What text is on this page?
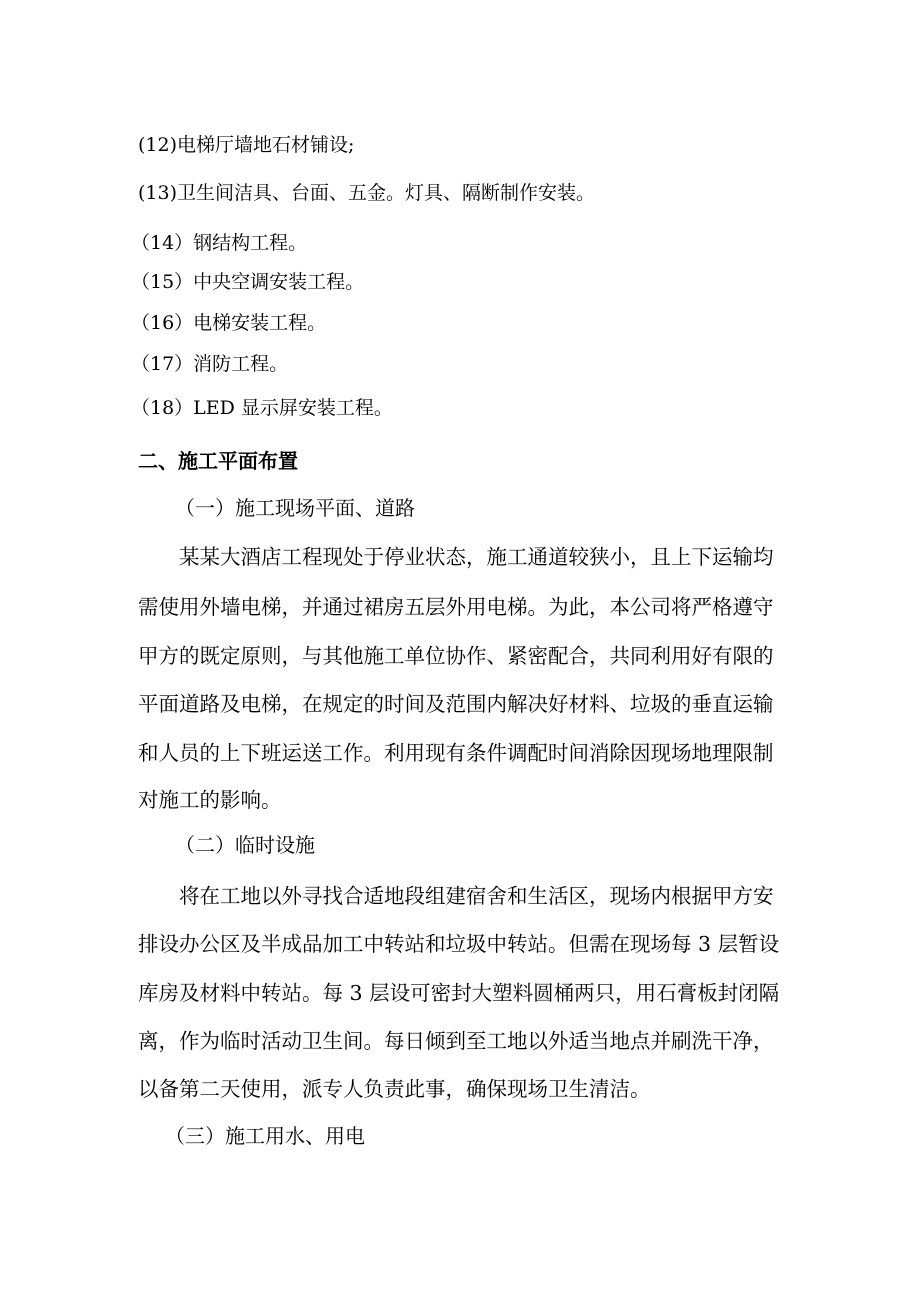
(12)电梯厅墙地石材铺设;
(13)卫生间洁具、台面、五金。灯具、隔断制作安装。
（14）钢结构工程。
（15）中央空调安装工程。
（16）电梯安装工程。
（17）消防工程。
（18）LED 显示屏安装工程。
二、施工平面布置
（一）施工现场平面、道路
某某大酒店工程现处于停业状态，施工通道较狭小，且上下运输均
需使用外墙电梯，并通过裙房五层外用电梯。为此，本公司将严格遵守
甲方的既定原则，与其他施工单位协作、紧密配合，共同利用好有限的
平面道路及电梯，在规定的时间及范围内解决好材料、垃圾的垂直运输
和人员的上下班运送工作。利用现有条件调配时间消除因现场地理限制
对施工的影响。
（二）临时设施
将在工地以外寻找合适地段组建宿舍和生活区，现场内根据甲方安
排设办公区及半成品加工中转站和垃圾中转站。但需在现场每 3 层暂设
库房及材料中转站。每 3 层设可密封大塑料圆桶两只，用石膏板封闭隔
离，作为临时活动卫生间。每日倾到至工地以外适当地点并刷洗干净，
以备第二天使用，派专人负责此事，确保现场卫生清洁。
（三）施工用水、用电
